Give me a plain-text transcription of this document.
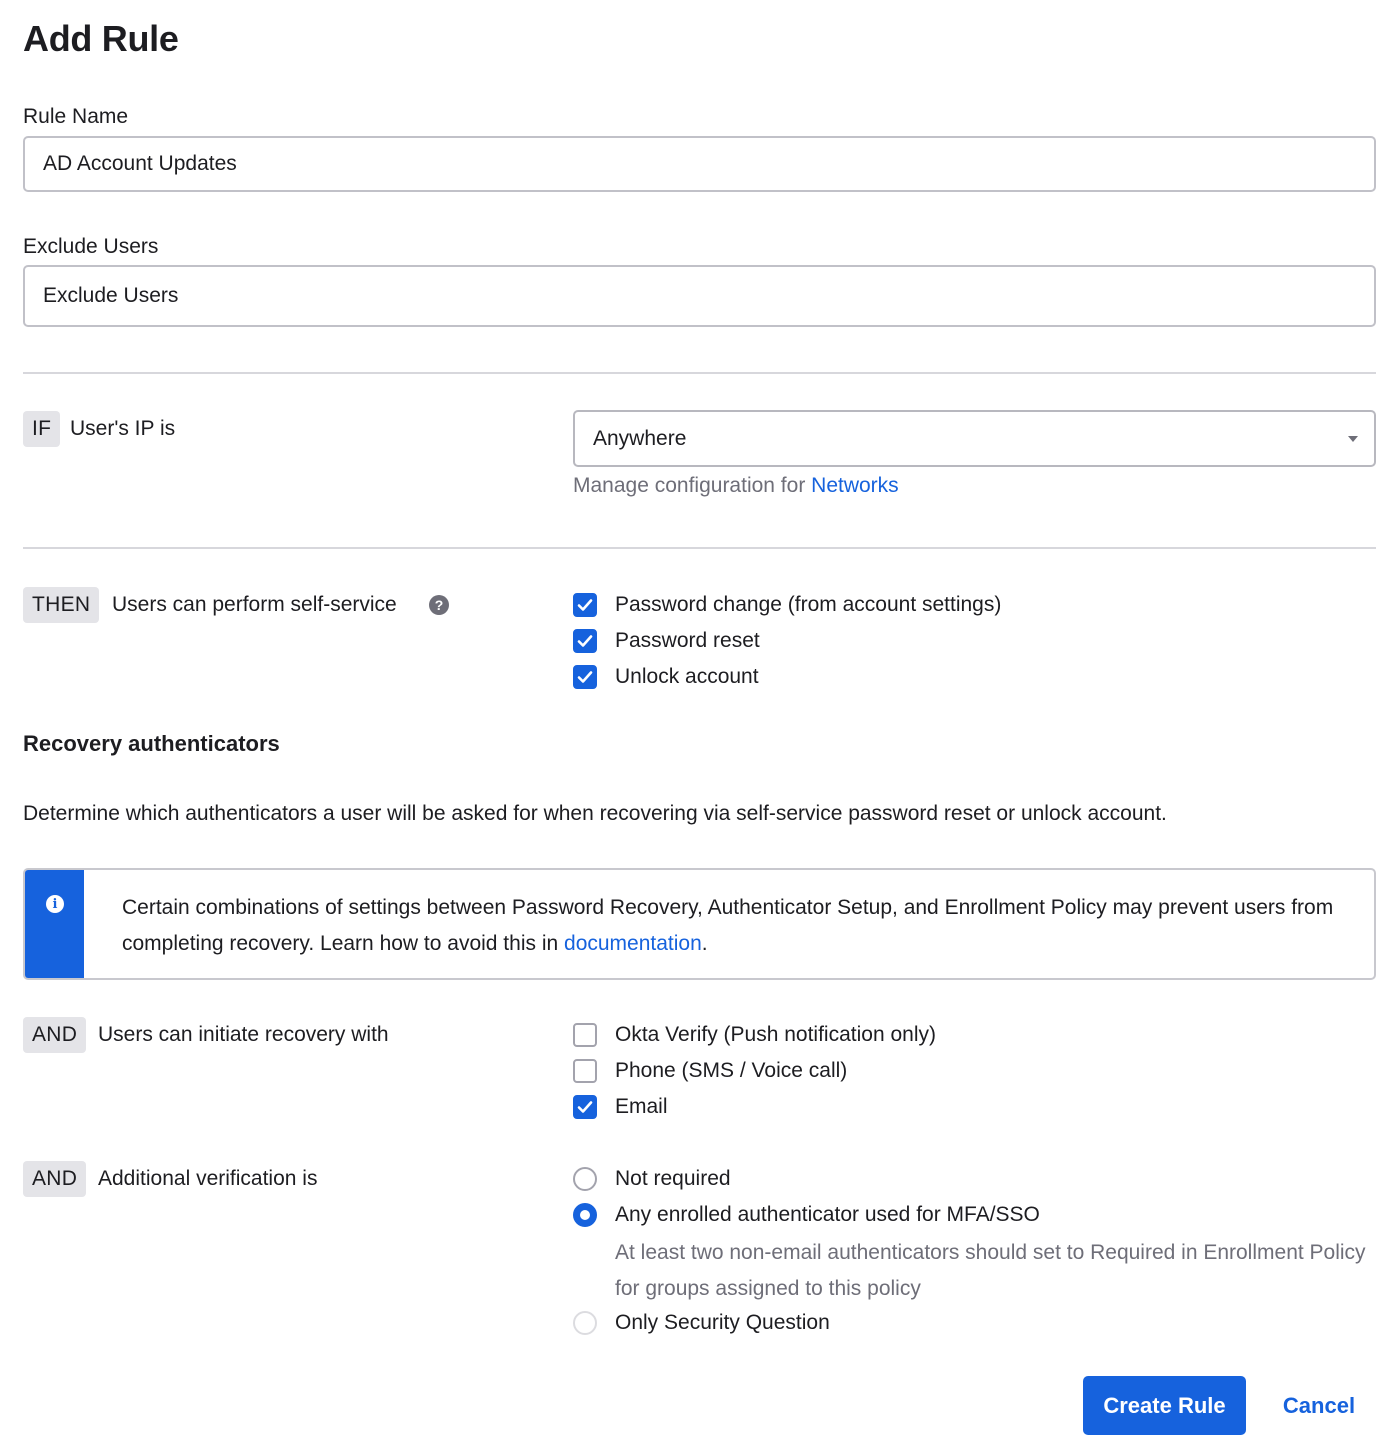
Add Rule
Rule Name
AD Account Updates
Exclude Users
Exclude Users
IF User's IP is	Anywhere
Manage configuration for Networks
THEN	Users can perform self-service	?	Password change (from account settings)
Password reset
Unlock account
Recovery authenticators
Determine which authenticators a user will be asked for when recovering via self-service password reset or unlock account.
i	Certain combinations of settings between Password Recovery, Authenticator Setup, and Enrollment Policy may prevent users from completing recovery. Learn how to avoid this in documentation.
AND Users can initiate recovery with	Okta Verify (Push notification only)
Phone (SMS / Voice call)
Email
AND Additional verification is	Not required
Any enrolled authenticator used for MFA/SSO
At least two non-email authenticators should set to Required in Enrollment Policy for groups assigned to this policy
Only Security Question
Create Rule	Cancel
